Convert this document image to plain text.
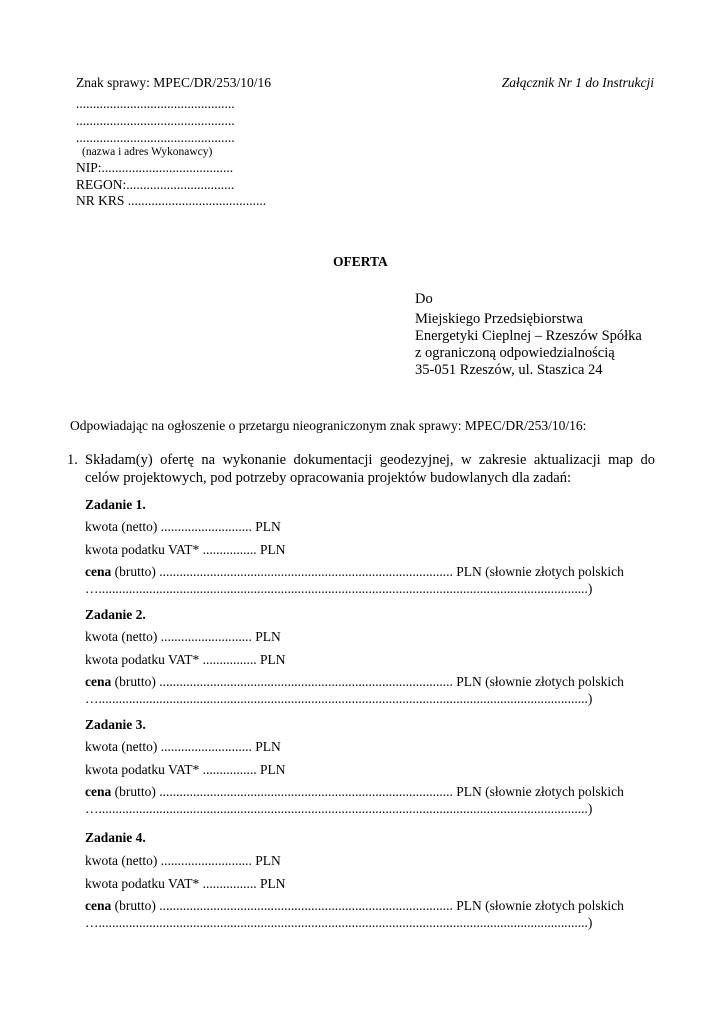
Znak sprawy: MPEC/DR/253/10/16	Załącznik Nr 1 do Instrukcji
...............................................
...............................................
...............................................
(nazwa i adres Wykonawcy)
NIP:.......................................
REGON:................................
NR KRS .........................................
OFERTA
Do
Miejskiego Przedsiębiorstwa
Energetyki Cieplnej – Rzeszów Spółka
z ograniczoną odpowiedzialnością
35-051 Rzeszów, ul. Staszica 24
Odpowiadając na ogłoszenie o przetargu nieograniczonym znak sprawy: MPEC/DR/253/10/16:
1. Składam(y) ofertę na wykonanie dokumentacji geodezyjnej, w zakresie aktualizacji map do celów projektowych, pod potrzeby opracowania projektów budowlanych dla zadań:
Zadanie 1.
kwota (netto) ........................... PLN
kwota podatku VAT* ................ PLN
cena (brutto) ....................................................................................... PLN (słownie złotych polskich
….................................................................................................................................................)
Zadanie 2.
kwota (netto) ........................... PLN
kwota podatku VAT* ................ PLN
cena (brutto) ....................................................................................... PLN (słownie złotych polskich
….................................................................................................................................................)
Zadanie 3.
kwota (netto) ........................... PLN
kwota podatku VAT* ................ PLN
cena (brutto) ....................................................................................... PLN (słownie złotych polskich
….................................................................................................................................................)
Zadanie 4.
kwota (netto) ........................... PLN
kwota podatku VAT* ................ PLN
cena (brutto) ....................................................................................... PLN (słownie złotych polskich
….................................................................................................................................................)
